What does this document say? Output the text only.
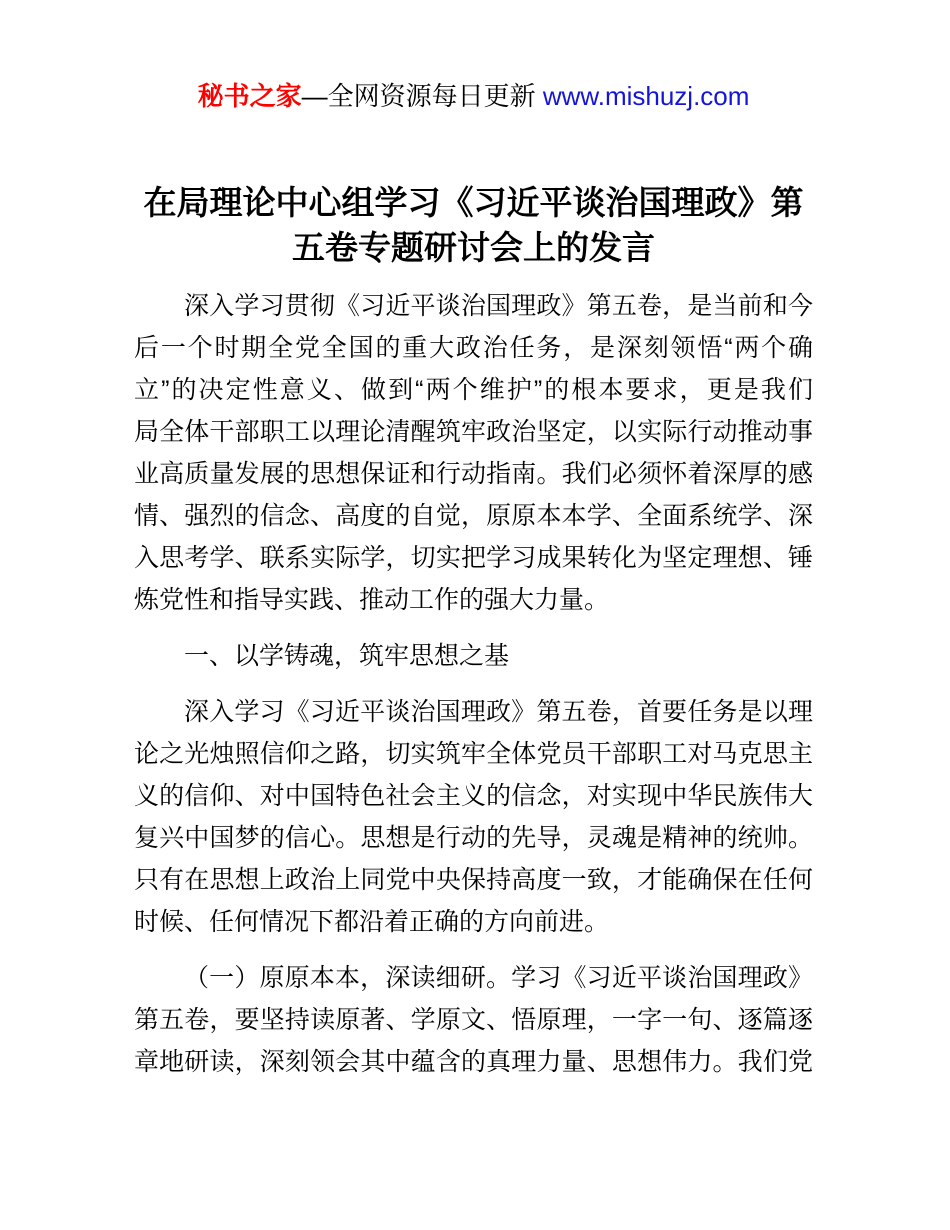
秘书之家—全网资源每日更新 www.mishuzj.com
在局理论中心组学习《习近平谈治国理政》第
五卷专题研讨会上的发言
深入学习贯彻《习近平谈治国理政》第五卷，是当前和今
后一个时期全党全国的重大政治任务，是深刻领悟“两个确
立”的决定性意义、做到“两个维护”的根本要求，更是我们
局全体干部职工以理论清醒筑牢政治坚定，以实际行动推动事
业高质量发展的思想保证和行动指南。我们必须怀着深厚的感
情、强烈的信念、高度的自觉，原原本本学、全面系统学、深
入思考学、联系实际学，切实把学习成果转化为坚定理想、锤
炼党性和指导实践、推动工作的强大力量。
一、以学铸魂，筑牢思想之基
深入学习《习近平谈治国理政》第五卷，首要任务是以理
论之光烛照信仰之路，切实筑牢全体党员干部职工对马克思主
义的信仰、对中国特色社会主义的信念，对实现中华民族伟大
复兴中国梦的信心。思想是行动的先导，灵魂是精神的统帅。
只有在思想上政治上同党中央保持高度一致，才能确保在任何
时候、任何情况下都沿着正确的方向前进。
（一）原原本本，深读细研。学习《习近平谈治国理政》
第五卷，要坚持读原著、学原文、悟原理，一字一句、逐篇逐
章地研读，深刻领会其中蕴含的真理力量、思想伟力。我们党
